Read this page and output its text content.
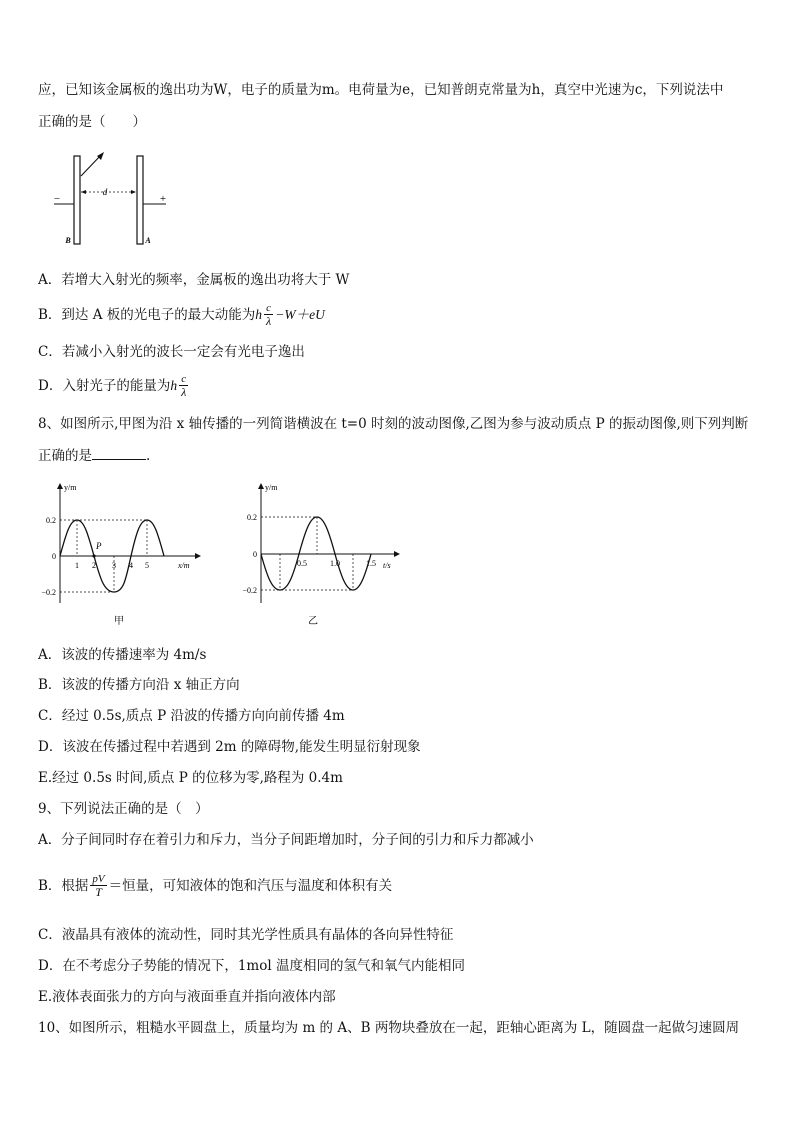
应，已知该金属板的逸出功为W，电子的质量为m。电荷量为e，已知普朗克常量为h，真空中光速为c，下列说法中
正确的是（　　）
d
−	+
B	A
A．若增大入射光的频率，金属板的逸出功将大于 W
B．到达 A 板的光电子的最大动能为h $\frac{c}{\lambda} -W+eU$
C．若减小入射光的波长一定会有光电子逸出
D．入射光子的能量为h $\frac{c}{\lambda}$
8、如图所示,甲图为沿 x 轴传播的一列简谐横波在 t=0 时刻的波动图像,乙图为参与波动质点 P 的振动图像,则下列判断
正确的是	.
P
y/m
x/m
0.2
−0.2
0
1 2 3 4 5
甲
y/m
t/s
0.2
−0.2
0
0.5	1.0	1.5
乙
A．该波的传播速率为 4m/s
B．该波的传播方向沿 x 轴正方向
C．经过 0.5s,质点 P 沿波的传播方向向前传播 4m
D．该波在传播过程中若遇到 2m 的障碍物,能发生明显衍射现象
E.经过 0.5s 时间,质点 P 的位移为零,路程为 0.4m
9、下列说法正确的是（　）
A．分子间同时存在着引力和斥力，当分子间距增加时，分子间的引力和斥力都减小
B．根据 $\frac{pV}{T}$ ＝恒量，可知液体的饱和汽压与温度和体积有关
C．液晶具有液体的流动性，同时其光学性质具有晶体的各向异性特征
D．在不考虑分子势能的情况下，1mol 温度相同的氢气和氧气内能相同
E.液体表面张力的方向与液面垂直并指向液体内部
10、如图所示，粗糙水平圆盘上，质量均为 m 的 A、B 两物块叠放在一起，距轴心距离为 L，随圆盘一起做匀速圆周
